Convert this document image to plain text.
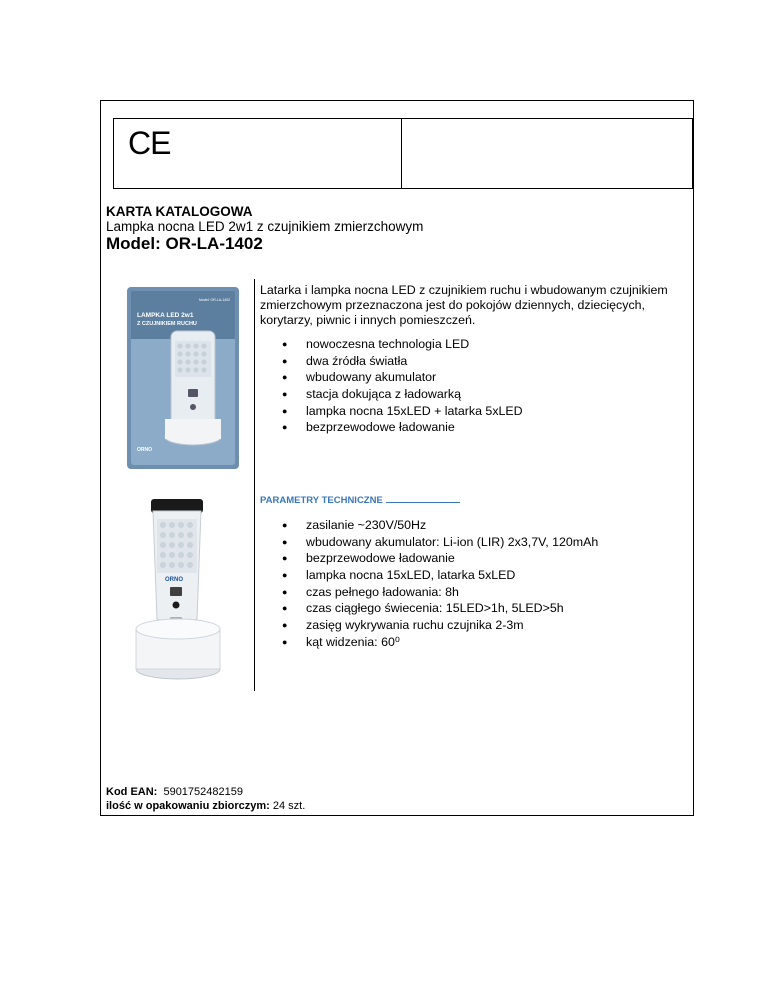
CE
KARTA KATALOGOWA
Lampka nocna LED 2w1 z czujnikiem zmierzchowym
Model: OR-LA-1402
LAMPKA LED 2w1
Z CZUJNIKIEM RUCHU
Model: OR-LA-1402
ORNO
ORNO
Latarka i lampka nocna LED z czujnikiem ruchu i wbudowanym czujnikiem zmierzchowym przeznaczona jest do pokojów dziennych, dziecięcych, korytarzy, piwnic i innych pomieszczeń.
● nowoczesna technologia LED
● dwa źródła światła
● wbudowany akumulator
● stacja dokująca z ładowarką
● lampka nocna 15xLED + latarka 5xLED
● bezprzewodowe ładowanie
PARAMETRY TECHNICZNE
● zasilanie ~230V/50Hz
● wbudowany akumulator: Li-ion (LIR) 2x3,7V, 120mAh
● bezprzewodowe ładowanie
● lampka nocna 15xLED, latarka 5xLED
● czas pełnego ładowania: 8h
● czas ciągłego świecenia: 15LED>1h, 5LED>5h
● zasięg wykrywania ruchu czujnika 2-3m
● kąt widzenia: 60⁰
Kod EAN: 5901752482159
ilość w opakowaniu zbiorczym: 24 szt.
